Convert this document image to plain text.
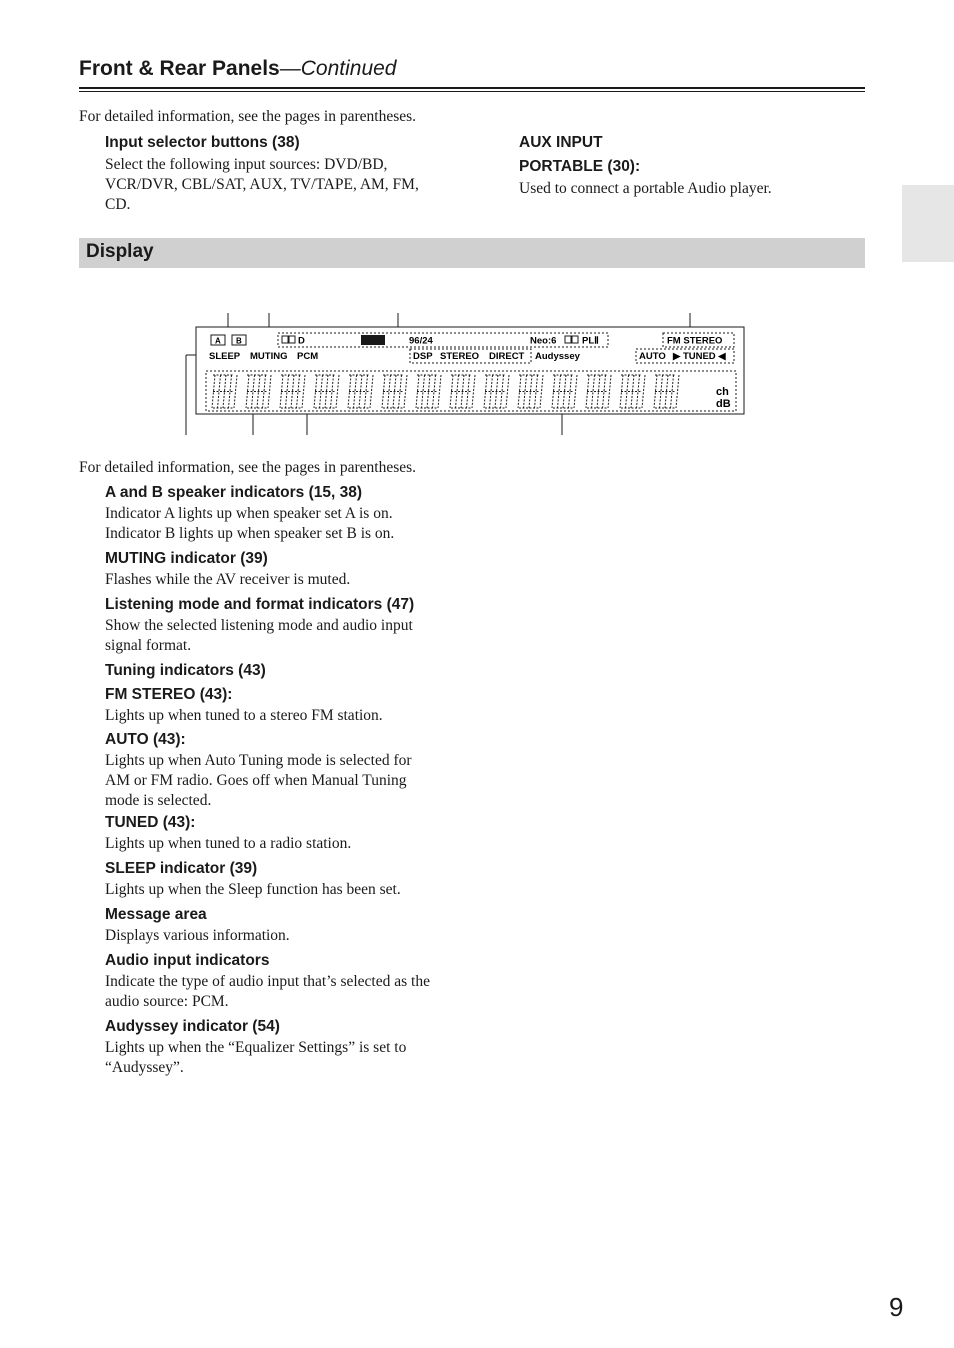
Front & Rear Panels—Continued
For detailed information, see the pages in parentheses.
Input selector buttons (38)
Select the following input sources: DVD/BD,
VCR/DVR, CBL/SAT, AUX, TV/TAPE, AM, FM,
CD.
AUX INPUT
PORTABLE (30):
Used to connect a portable Audio player.
Display
A B	D	96/24	Neo:6	PLⅡ	FM STEREO
SLEEP MUTING PCM	DSP STEREO DIRECT Audyssey	AUTO ▶ TUNED ◀
ch
dB
For detailed information, see the pages in parentheses.
A and B speaker indicators (15, 38)
Indicator A lights up when speaker set A is on.
Indicator B lights up when speaker set B is on.
MUTING indicator (39)
Flashes while the AV receiver is muted.
Listening mode and format indicators (47)
Show the selected listening mode and audio input
signal format.
Tuning indicators (43)
FM STEREO (43):
Lights up when tuned to a stereo FM station.
AUTO (43):
Lights up when Auto Tuning mode is selected for
AM or FM radio. Goes off when Manual Tuning
mode is selected.
TUNED (43):
Lights up when tuned to a radio station.
SLEEP indicator (39)
Lights up when the Sleep function has been set.
Message area
Displays various information.
Audio input indicators
Indicate the type of audio input that’s selected as the
audio source: PCM.
Audyssey indicator (54)
Lights up when the “Equalizer Settings” is set to
“Audyssey”.
9
